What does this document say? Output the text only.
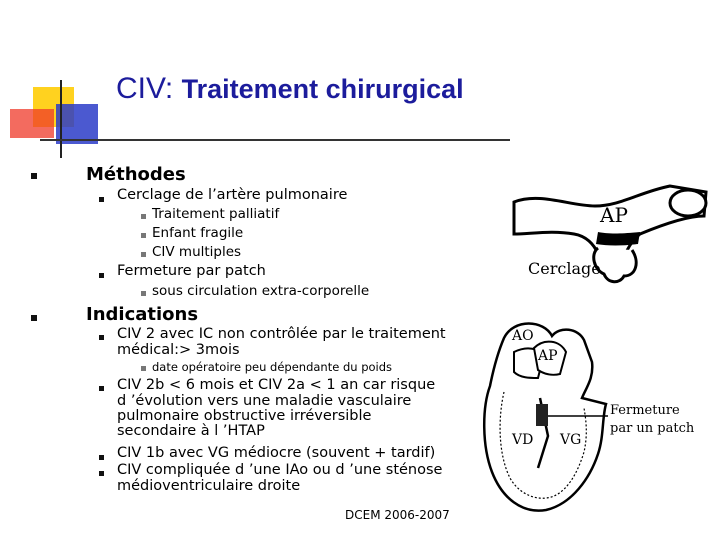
CIV: Traitement chirurgical
Méthodes
Cerclage de l’artère pulmonaire
Traitement palliatif
Enfant fragile
CIV multiples
Fermeture par patch
sous circulation extra-corporelle
Indications
CIV 2 avec IC non contrôlée par le traitement
médical:> 3mois
date opératoire peu dépendante du poids
CIV 2b < 6 mois et CIV 2a < 1 an car risque
d ’évolution vers une maladie vasculaire
pulmonaire obstructive irréversible
secondaire à l ’HTAP
CIV 1b avec VG médiocre (souvent + tardif)
CIV compliquée d ’une IAo ou d ’une sténose
médioventriculaire droite
DCEM 2006-2007
AP
Cerclage
AO
AP
VD VG
Fermeture
par un patch
